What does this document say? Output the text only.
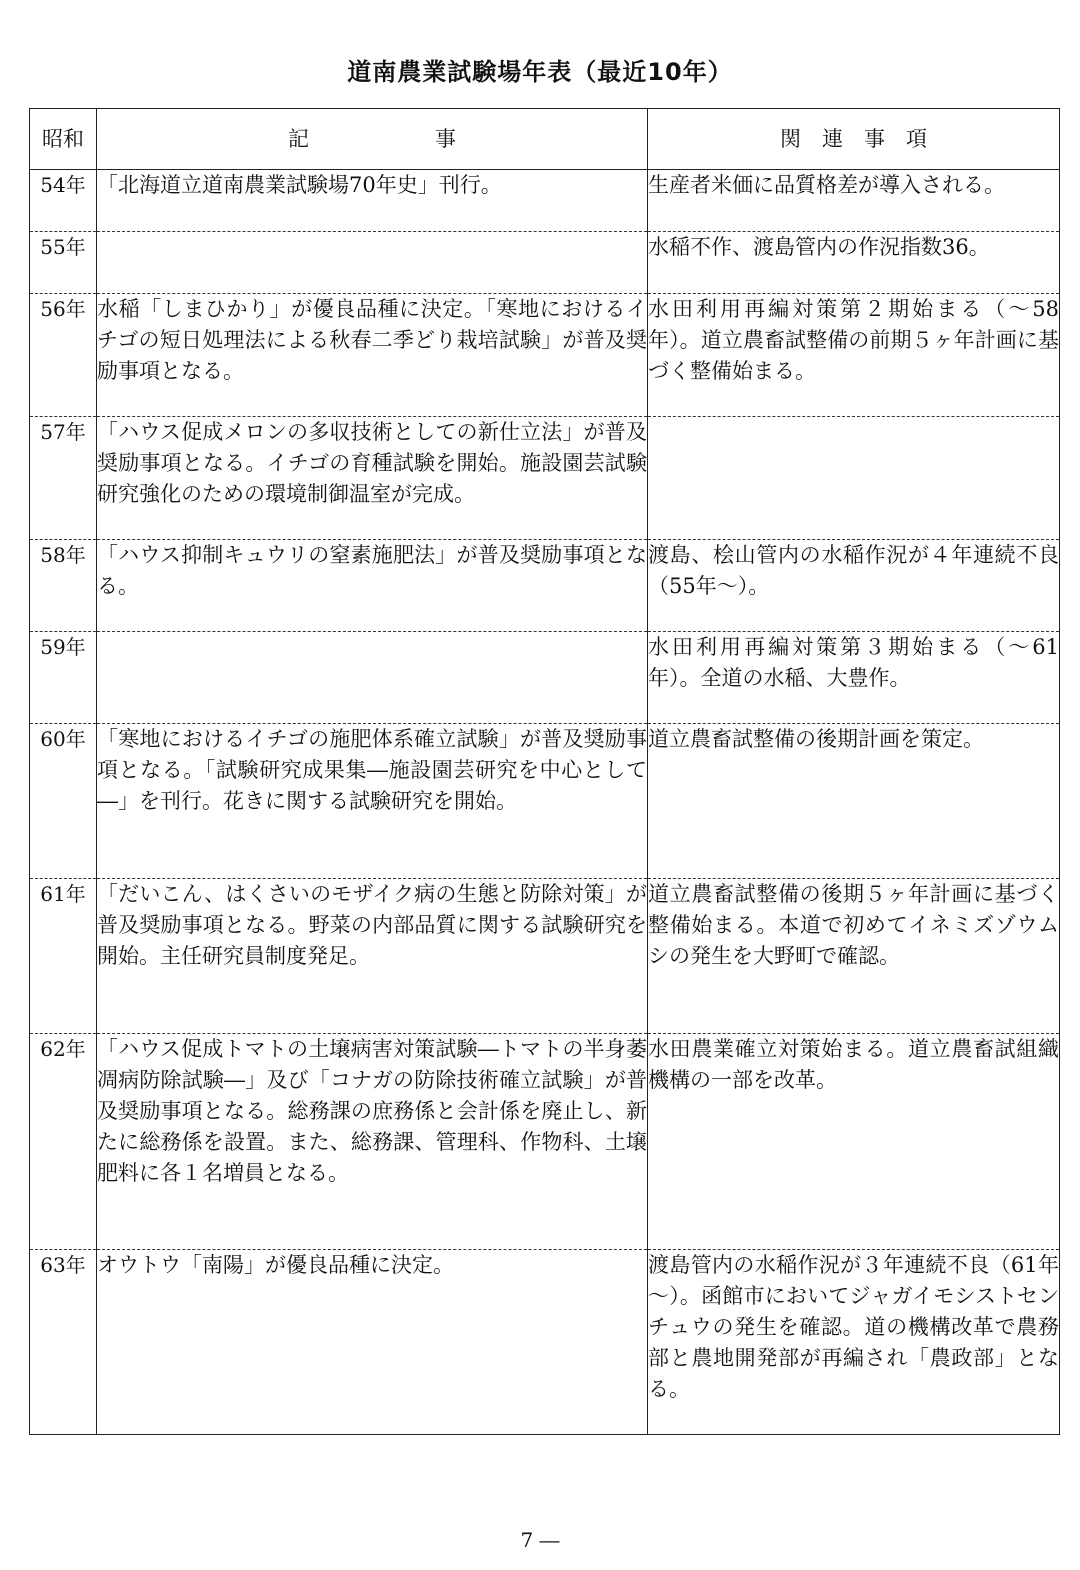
道南農業試験場年表（最近10年）
昭和	記　　　　　　事	関　連　事　項
54年	「北海道立道南農業試験場70年史」刊行。	生産者米価に品質格差が導入される。
55年		水稲不作、渡島管内の作況指数36。
56年	水稲「しまひかり」が優良品種に決定。「寒地におけるイチゴの短日処理法による秋春二季どり栽培試験」が普及奨励事項となる。	水田利用再編対策第２期始まる（～58年）。道立農畜試整備の前期５ヶ年計画に基づく整備始まる。
57年	「ハウス促成メロンの多収技術としての新仕立法」が普及奨励事項となる。イチゴの育種試験を開始。施設園芸試験研究強化のための環境制御温室が完成。	
58年	「ハウス抑制キュウリの窒素施肥法」が普及奨励事項となる。	渡島、桧山管内の水稲作況が４年連続不良（55年～）。
59年		水田利用再編対策第３期始まる（～61年）。全道の水稲、大豊作。
60年	「寒地におけるイチゴの施肥体系確立試験」が普及奨励事項となる。「試験研究成果集―施設園芸研究を中心として―」を刊行。花きに関する試験研究を開始。	道立農畜試整備の後期計画を策定。
61年	「だいこん、はくさいのモザイク病の生態と防除対策」が普及奨励事項となる。野菜の内部品質に関する試験研究を開始。主任研究員制度発足。	道立農畜試整備の後期５ヶ年計画に基づく整備始まる。本道で初めてイネミズゾウムシの発生を大野町で確認。
62年	「ハウス促成トマトの土壌病害対策試験―トマトの半身萎凋病防除試験―」及び「コナガの防除技術確立試験」が普及奨励事項となる。総務課の庶務係と会計係を廃止し、新たに総務係を設置。また、総務課、管理科、作物科、土壌肥料に各１名増員となる。	水田農業確立対策始まる。道立農畜試組織機構の一部を改革。
63年	オウトウ「南陽」が優良品種に決定。	渡島管内の水稲作況が３年連続不良（61年～）。函館市においてジャガイモシストセンチュウの発生を確認。道の機構改革で農務部と農地開発部が再編され「農政部」となる。
7 ―
